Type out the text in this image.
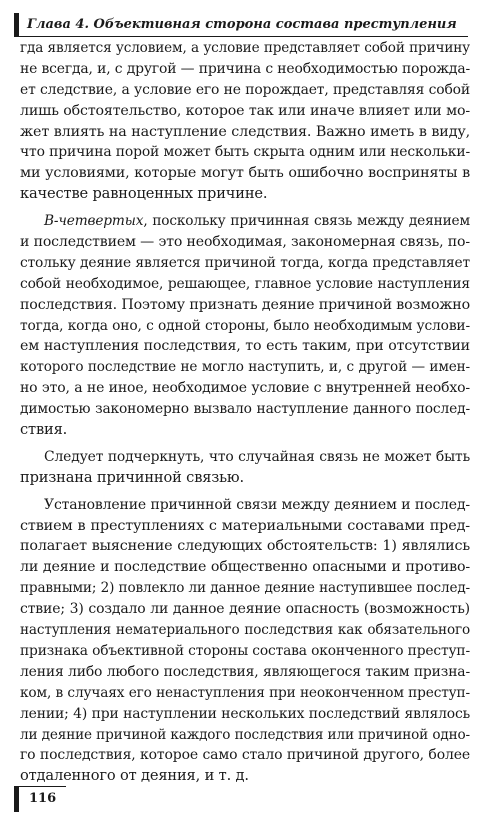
Глава 4. Объективная сторона состава преступления
гда является условием, а условие представляет собой причину
не всегда, и, с другой — причина с необходимостью порожда-
ет следствие, а условие его не порождает, представляя собой
лишь обстоятельство, которое так или иначе влияет или мо-
жет влиять на наступление следствия. Важно иметь в виду,
что причина порой может быть скрыта одним или нескольки-
ми условиями, которые могут быть ошибочно восприняты в
качестве равноценных причине.
В-четвертых, поскольку причинная связь между деянием
и последствием — это необходимая, закономерная связь, по-
стольку деяние является причиной тогда, когда представляет
собой необходимое, решающее, главное условие наступления
последствия. Поэтому признать деяние причиной возможно
тогда, когда оно, с одной стороны, было необходимым услови-
ем наступления последствия, то есть таким, при отсутствии
которого последствие не могло наступить, и, с другой — имен-
но это, а не иное, необходимое условие с внутренней необхо-
димостью закономерно вызвало наступление данного послед-
ствия.
Следует подчеркнуть, что случайная связь не может быть
признана причинной связью.
Установление причинной связи между деянием и послед-
ствием в преступлениях с материальными составами пред-
полагает выяснение следующих обстоятельств: 1) являлись
ли деяние и последствие общественно опасными и противо-
правными; 2) повлекло ли данное деяние наступившее послед-
ствие; 3) создало ли данное деяние опасность (возможность)
наступления нематериального последствия как обязательного
признака объективной стороны состава оконченного преступ-
ления либо любого последствия, являющегося таким призна-
ком, в случаях его ненаступления при неоконченном преступ-
лении; 4) при наступлении нескольких последствий являлось
ли деяние причиной каждого последствия или причиной одно-
го последствия, которое само стало причиной другого, более
отдаленного от деяния, и т. д.
116
